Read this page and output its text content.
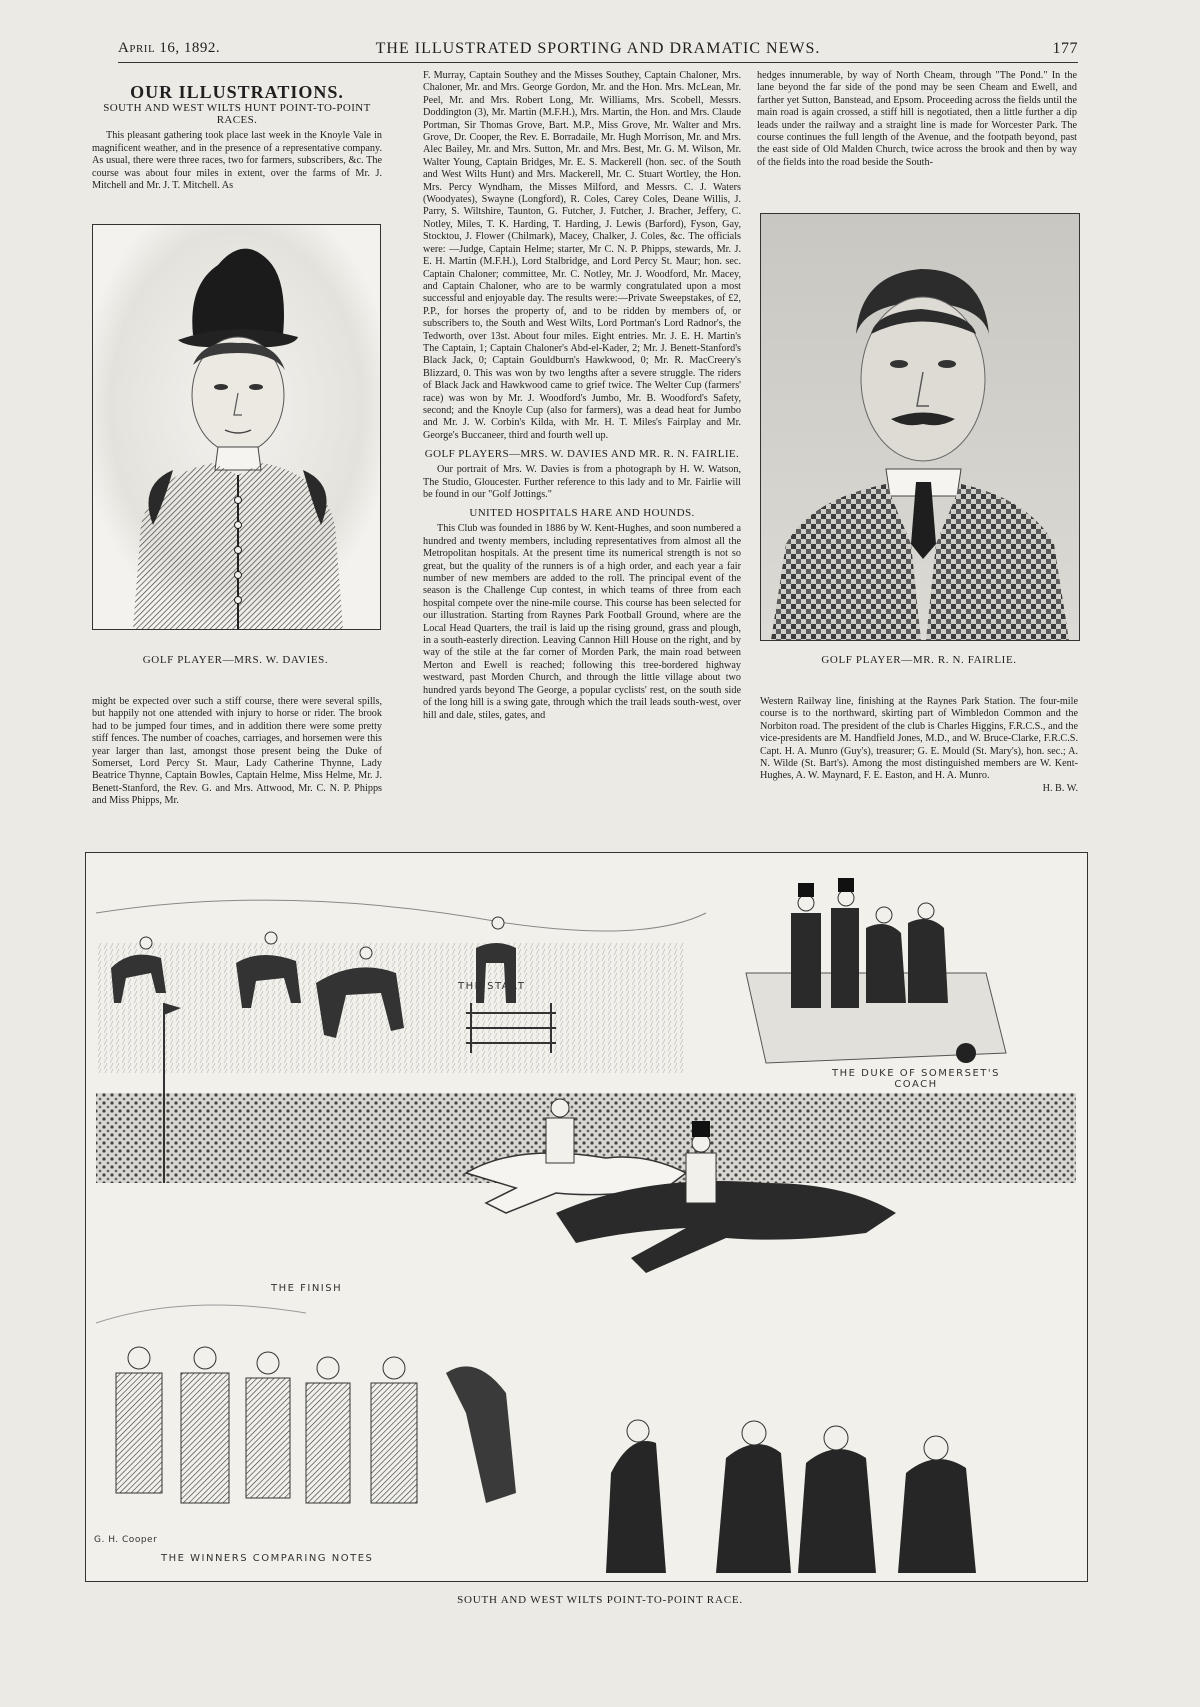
April 16, 1892.	THE ILLUSTRATED SPORTING AND DRAMATIC NEWS.	177
OUR ILLUSTRATIONS.
SOUTH AND WEST WILTS HUNT POINT-TO-POINT RACES.

This pleasant gathering took place last week in the Knoyle Vale in magnificent weather, and in the presence of a representative company. As usual, there were three races, two for farmers, subscribers, &c. The course was about four miles in extent, over the farms of Mr. J. Mitchell and Mr. J. T. Mitchell. As

GOLF PLAYER—MRS. W. DAVIES.

might be expected over such a stiff course, there were several spills, but happily not one attended with injury to horse or rider. The brook had to be jumped four times, and in addition there were some pretty stiff fences. The number of coaches, carriages, and horsemen were this year larger than last, amongst those present being the Duke of Somerset, Lord Percy St. Maur, Lady Catherine Thynne, Lady Beatrice Thynne, Captain Bowles, Captain Helme, Miss Helme, Mr. J. Benett-Stanford, the Rev. G. and Mrs. Attwood, Mr. C. N. P. Phipps and Miss Phipps, Mr.

F. Murray, Captain Southey and the Misses Southey, Captain Chaloner, Mrs. Chaloner, Mr. and Mrs. George Gordon, Mr. and the Hon. Mrs. McLean, Mr. Peel, Mr. and Mrs. Robert Long, Mr. Williams, Mrs. Scobell, Messrs. Doddington (3), Mr. Martin (M.F.H.), Mrs. Martin, the Hon. and Mrs. Claude Portman, Sir Thomas Grove, Bart. M.P., Miss Grove, Mr. Walter and Mrs. Grove, Dr. Cooper, the Rev. E. Borradaile, Mr. Hugh Morrison, Mr. and Mrs. Alec Bailey, Mr. and Mrs. Sutton, Mr. and Mrs. Best, Mr. G. M. Wilson, Mr. Walter Young, Captain Bridges, Mr. E. S. Mackerell (hon. sec. of the South and West Wilts Hunt) and Mrs. Mackerell, Mr. C. Stuart Wortley, the Hon. Mrs. Percy Wyndham, the Misses Milford, and Messrs. C. J. Waters (Woodyates), Swayne (Longford), R. Coles, Carey Coles, Deane Willis, J. Parry, S. Wiltshire, Taunton, G. Futcher, J. Futcher, J. Bracher, Jeffery, C. Notley, Miles, T. K. Harding, T. Harding, J. Lewis (Barford), Fyson, Gay, Stocktou, J. Flower (Chilmark), Macey, Chalker, J. Coles, &c. The officials were: —Judge, Captain Helme; starter, Mr C. N. P. Phipps, stewards, Mr. J. E. H. Martin (M.F.H.), Lord Stalbridge, and Lord Percy St. Maur; hon. sec. Captain Chaloner; committee, Mr. C. Notley, Mr. J. Woodford, Mr. Macey, and Captain Chaloner, who are to be warmly congratulated upon a most successful and enjoyable day. The results were:—Private Sweepstakes, of £2, P.P., for horses the property of, and to be ridden by members of, or subscribers to, the South and West Wilts, Lord Portman's Lord Radnor's, the Tedworth, over 13st. About four miles. Eight entries. Mr. J. E. H. Martin's The Captain, 1; Captain Chaloner's Abd-el-Kader, 2; Mr. J. Benett-Stanford's Black Jack, 0; Captain Gouldburn's Hawkwood, 0; Mr. R. MacCreery's Blizzard, 0. This was won by two lengths after a severe struggle. The riders of Black Jack and Hawkwood came to grief twice. The Welter Cup (farmers' race) was won by Mr. J. Woodford's Jumbo, Mr. B. Woodford's Safety, second; and the Knoyle Cup (also for farmers), was a dead heat for Jumbo and Mr. J. W. Corbin's Kilda, with Mr. H. T. Miles's Fairplay and Mr. George's Buccaneer, third and fourth well up.

GOLF PLAYERS—MRS. W. DAVIES AND MR. R. N. FAIRLIE.

Our portrait of Mrs. W. Davies is from a photograph by H. W. Watson, The Studio, Gloucester. Further reference to this lady and to Mr. Fairlie will be found in our "Golf Jottings."

UNITED HOSPITALS HARE AND HOUNDS.

This Club was founded in 1886 by W. Kent-Hughes, and soon numbered a hundred and twenty members, including representatives from almost all the Metropolitan hospitals. At the present time its numerical strength is not so great, but the quality of the runners is of a high order, and each year a fair number of new members are added to the roll. The principal event of the season is the Challenge Cup contest, in which teams of three from each hospital compete over the nine-mile course. This course has been selected for our illustration. Starting from Raynes Park Football Ground, where are the Local Head Quarters, the trail is laid up the rising ground, grass and plough, in a south-easterly direction. Leaving Cannon Hill House on the right, and by way of the stile at the far corner of Morden Park, the main road between Merton and Ewell is reached; following this tree-bordered highway westward, past Morden Church, and through the little village about two hundred yards beyond The George, a popular cyclists' rest, on the south side of the long hill is a swing gate, through which the trail leads south-west, over hill and dale, stiles, gates, and

hedges innumerable, by way of North Cheam, through "The Pond." In the lane beyond the far side of the pond may be seen Cheam and Ewell, and farther yet Sutton, Banstead, and Epsom. Proceeding across the fields until the main road is again crossed, a stiff hill is negotiated, then a little further a dip leads under the railway and a straight line is made for Worcester Park. The course continues the full length of the Avenue, and the footpath beyond, past the east side of Old Malden Church, twice across the brook and then by way of the fields into the road beside the South-

GOLF PLAYER—MR. R. N. FAIRLIE.

Western Railway line, finishing at the Raynes Park Station. The four-mile course is to the northward, skirting part of Wimbledon Common and the Norbiton road. The president of the club is Charles Higgins, F.R.C.S., and the vice-presidents are M. Handfield Jones, M.D., and W. Bruce-Clarke, F.R.C.S. Capt. H. A. Munro (Guy's), treasurer; G. E. Mould (St. Mary's), hon. sec.; A. N. Wilde (St. Bart's). Among the most distinguished members are W. Kent-Hughes, A. W. Maynard, F. E. Easton, and H. A. Munro.

H. B. W.
THE START
THE DUKE OF SOMERSET'S COACH
THE FINISH
THE WINNERS COMPARING NOTES
G. H. Cooper
SOUTH AND WEST WILTS POINT-TO-POINT RACE.
